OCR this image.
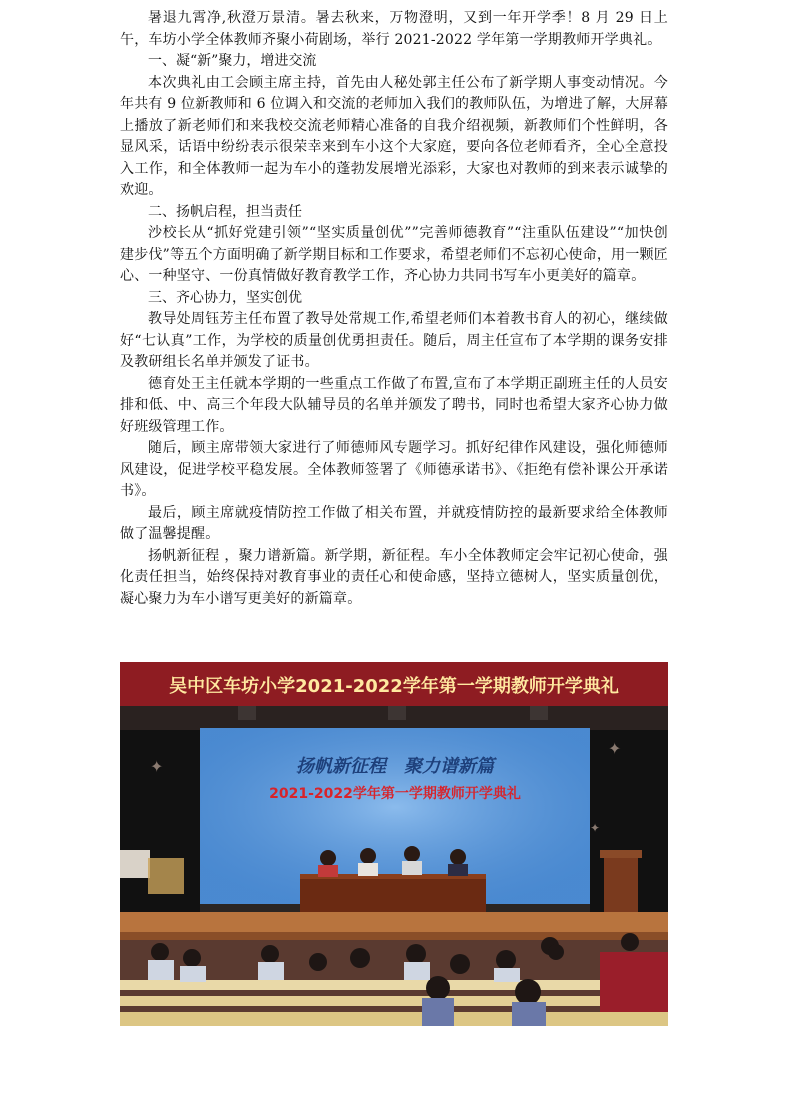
暑退九霄净,秋澄万景清。暑去秋来，万物澄明，又到一年开学季！8 月 29 日上午，车坊小学全体教师齐聚小荷剧场，举行 2021-2022 学年第一学期教师开学典礼。

一、凝“新”聚力，增进交流

本次典礼由工会顾主席主持，首先由人秘处郭主任公布了新学期人事变动情况。今年共有 9 位新教师和 6 位调入和交流的老师加入我们的教师队伍，为增进了解，大屏幕上播放了新老师们和来我校交流老师精心准备的自我介绍视频，新教师们个性鲜明，各显风采，话语中纷纷表示很荣幸来到车小这个大家庭，要向各位老师看齐，全心全意投入工作，和全体教师一起为车小的蓬勃发展增光添彩，大家也对教师的到来表示诚挚的欢迎。

二、扬帆启程，担当责任

沙校长从“抓好党建引领”“坚实质量创优””完善师德教育”“注重队伍建设”“加快创建步伐”等五个方面明确了新学期目标和工作要求，希望老师们不忘初心使命，用一颗匠心、一种坚守、一份真情做好教育教学工作，齐心协力共同书写车小更美好的篇章。

三、齐心协力，坚实创优

教导处周钰芳主任布置了教导处常规工作,希望老师们本着教书育人的初心，继续做好“七认真”工作，为学校的质量创优勇担责任。随后，周主任宣布了本学期的课务安排及教研组长名单并颁发了证书。

德育处王主任就本学期的一些重点工作做了布置,宣布了本学期正副班主任的人员安排和低、中、高三个年段大队辅导员的名单并颁发了聘书，同时也希望大家齐心协力做好班级管理工作。

随后，顾主席带领大家进行了师德师风专题学习。抓好纪律作风建设，强化师德师风建设，促进学校平稳发展。全体教师签署了《师德承诺书》、《拒绝有偿补课公开承诺书》。

最后，顾主席就疫情防控工作做了相关布置，并就疫情防控的最新要求给全体教师做了温馨提醒。

扬帆新征程 ，聚力谱新篇。新学期，新征程。车小全体教师定会牢记初心使命，强化责任担当，始终保持对教育事业的责任心和使命感，坚持立德树人，坚实质量创优，凝心聚力为车小谱写更美好的新篇章。

吴中区车坊小学2021-2022学年第一学期教师开学典礼
✦
✦
✦
扬帆新征程　聚力谱新篇
2021-2022学年第一学期教师开学典礼
